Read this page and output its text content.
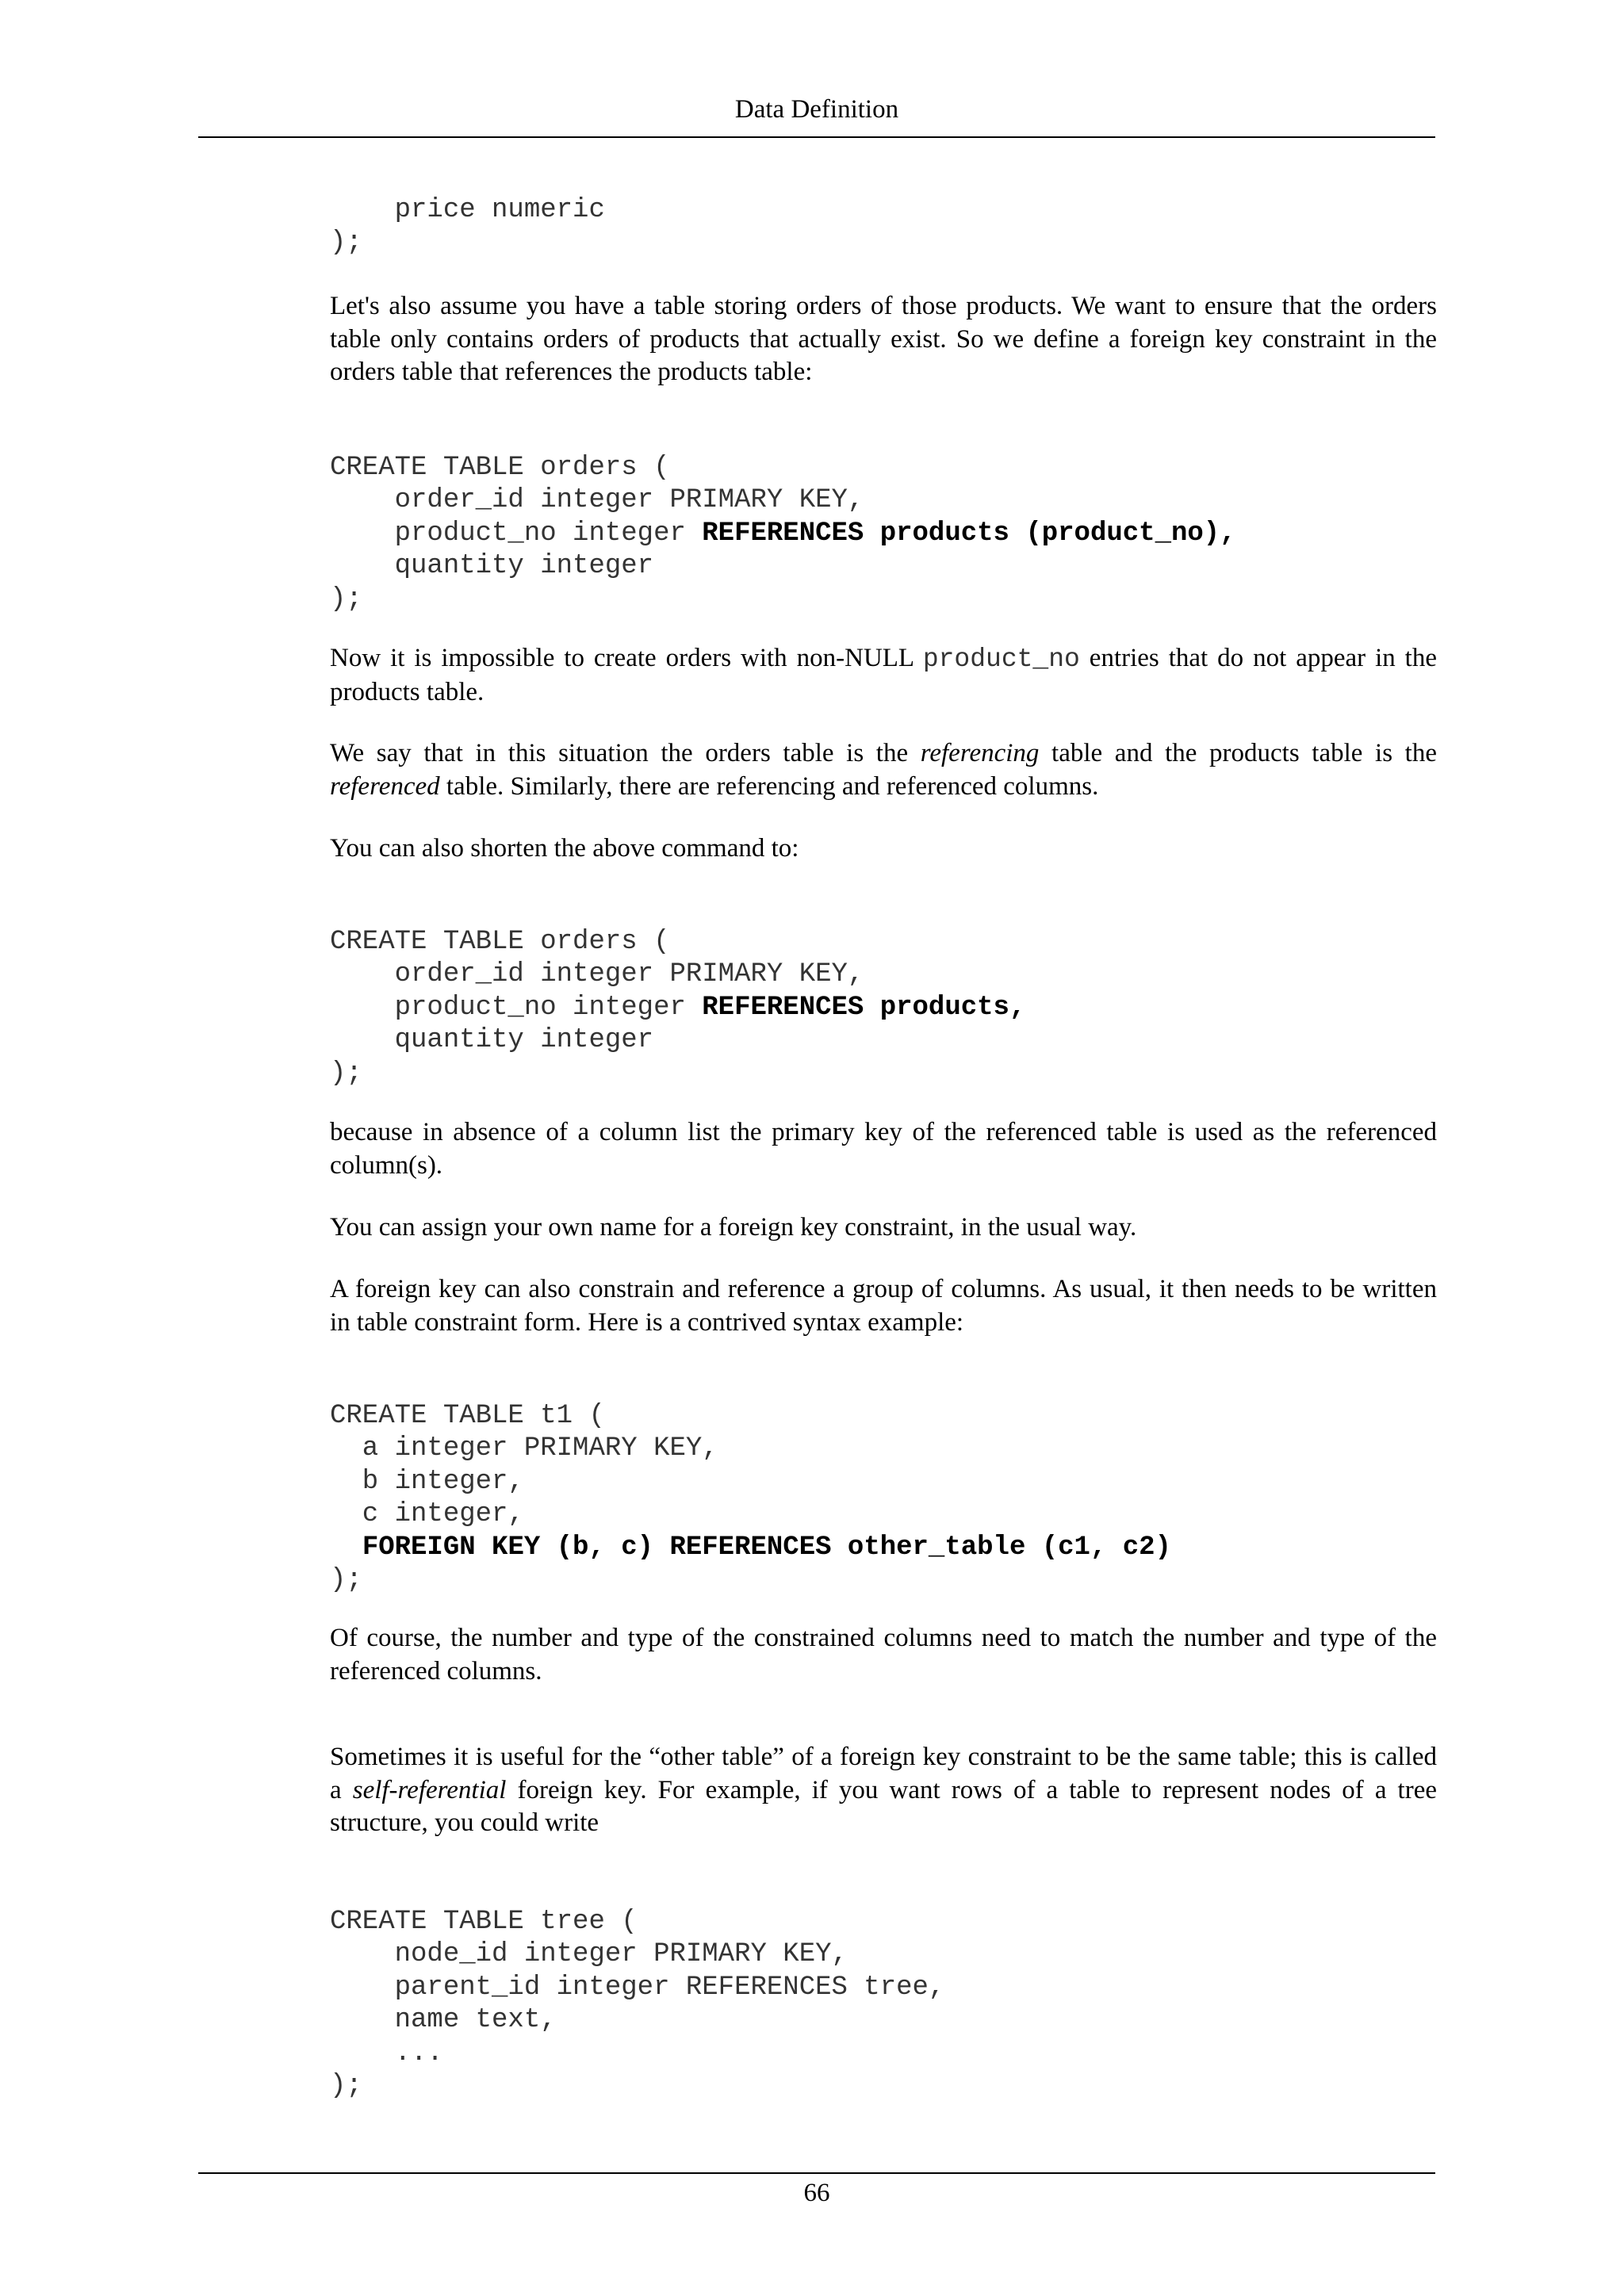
Data Definition
price numeric
);

Let's also assume you have a table storing orders of those products. We want to ensure that the orders table only contains orders of products that actually exist. So we define a foreign key constraint in the orders table that references the products table:

CREATE TABLE orders (
order_id integer PRIMARY KEY,
product_no integer REFERENCES products (product_no),
quantity integer
);

Now it is impossible to create orders with non-NULL product_no entries that do not appear in the products table.

We say that in this situation the orders table is the referencing table and the products table is the referenced table. Similarly, there are referencing and referenced columns.

You can also shorten the above command to:

CREATE TABLE orders (
order_id integer PRIMARY KEY,
product_no integer REFERENCES products,
quantity integer
);

because in absence of a column list the primary key of the referenced table is used as the referenced column(s).

You can assign your own name for a foreign key constraint, in the usual way.

A foreign key can also constrain and reference a group of columns. As usual, it then needs to be written in table constraint form. Here is a contrived syntax example:

CREATE TABLE t1 (
a integer PRIMARY KEY,
b integer,
c integer,
FOREIGN KEY (b, c) REFERENCES other_table (c1, c2)
);

Of course, the number and type of the constrained columns need to match the number and type of the referenced columns.

Sometimes it is useful for the “other table” of a foreign key constraint to be the same table; this is called a self-referential foreign key. For example, if you want rows of a table to represent nodes of a tree structure, you could write

CREATE TABLE tree (
node_id integer PRIMARY KEY,
parent_id integer REFERENCES tree,
name text,
...
);
66
